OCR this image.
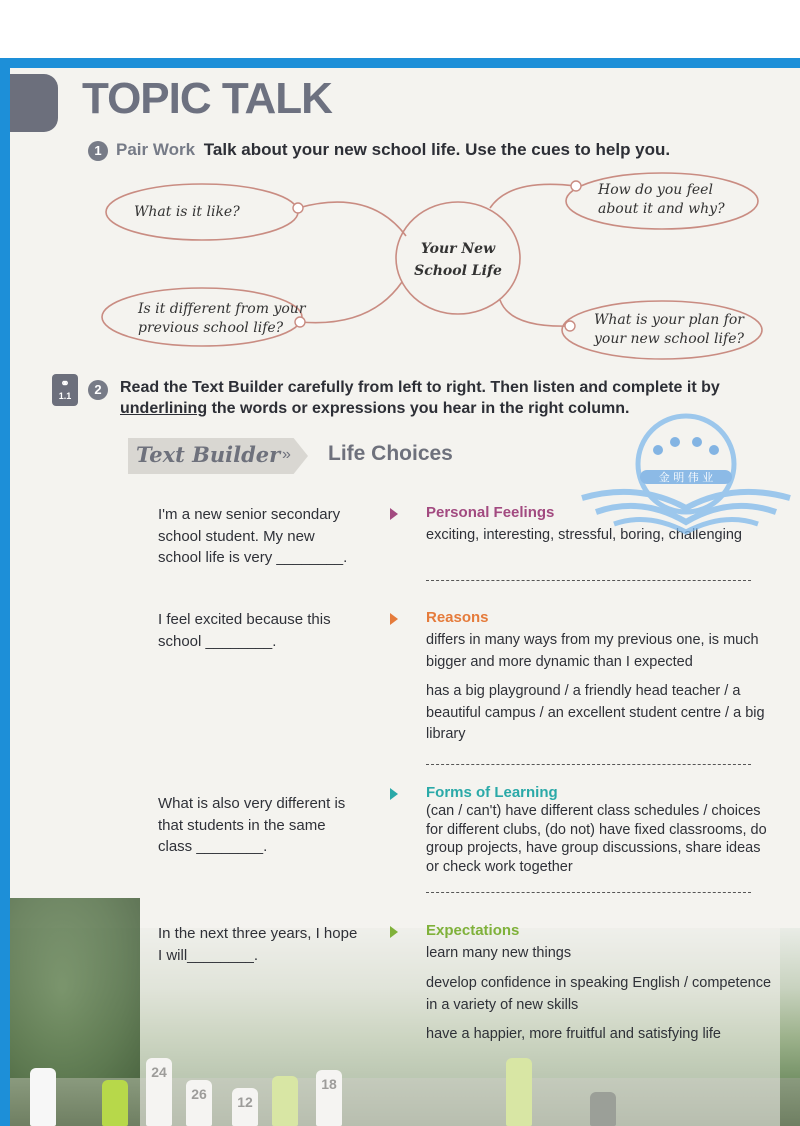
TOPIC TALK
1 Pair Work Talk about your new school life. Use the cues to help you.
Your New
School Life
What is it like?
How do you feel
about it and why?
Is it different from your
previous school life?	What is your plan for
your new school life?
⚭
1.1	2	Read the Text Builder carefully from left to right. Then listen and complete it by
underlining the words or expressions you hear in the right column.
Text Builder » Life Choices
I'm a new senior secondary school student. My new school life is very ________.
Personal Feelings
exciting, interesting, stressful, boring, challenging
I feel excited because this school ________.
Reasons
differs in many ways from my previous one, is much bigger and more dynamic than I expected
has a big playground / a friendly head teacher / a beautiful campus / an excellent student centre / a big library
What is also very different is that students in the same class ________.
Forms of Learning
(can / can't) have different class schedules / choices for different clubs, (do not) have fixed classrooms, do group projects, have group discussions, share ideas or check work together
In the next three years, I hope I will________.
Expectations
learn many new things
develop confidence in speaking English / competence in a variety of new skills
have a happier, more fruitful and satisfying life
金 明 伟 业
